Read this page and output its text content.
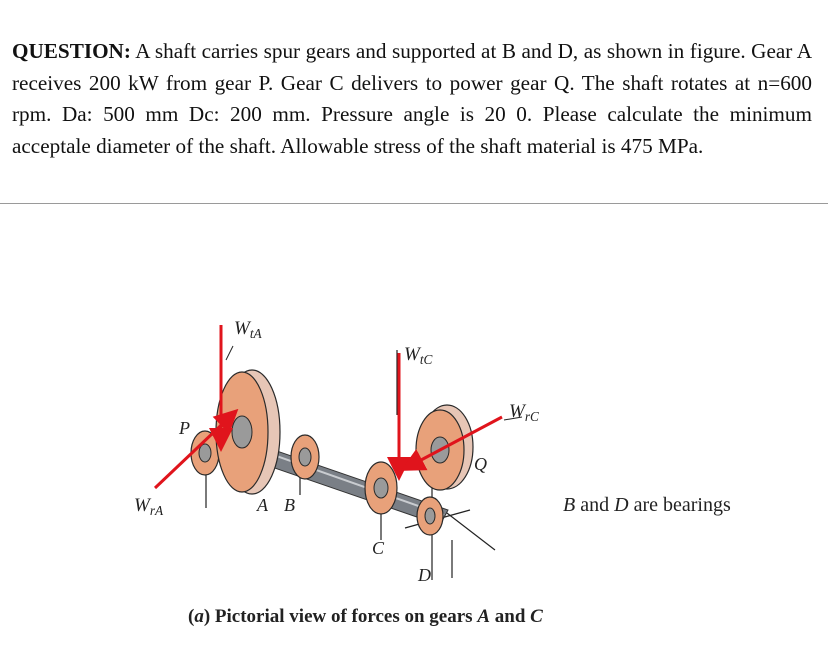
QUESTION: A shaft carries spur gears and supported at B and D, as shown in figure. Gear A receives 200 kW from gear P. Gear C delivers to power gear Q. The shaft rotates at n=600 rpm. Da: 500 mm Dc: 200 mm. Pressure angle is 20 0. Please calculate the minimum acceptale diameter of the shaft. Allowable stress of the shaft material is 475 MPa.
$W_{tA}$
$W_{tC}$
$W_{rC}$
$W_{rA}$
P
Q
A B
C
D
B and D are bearings
(a) Pictorial view of forces on gears A and C
